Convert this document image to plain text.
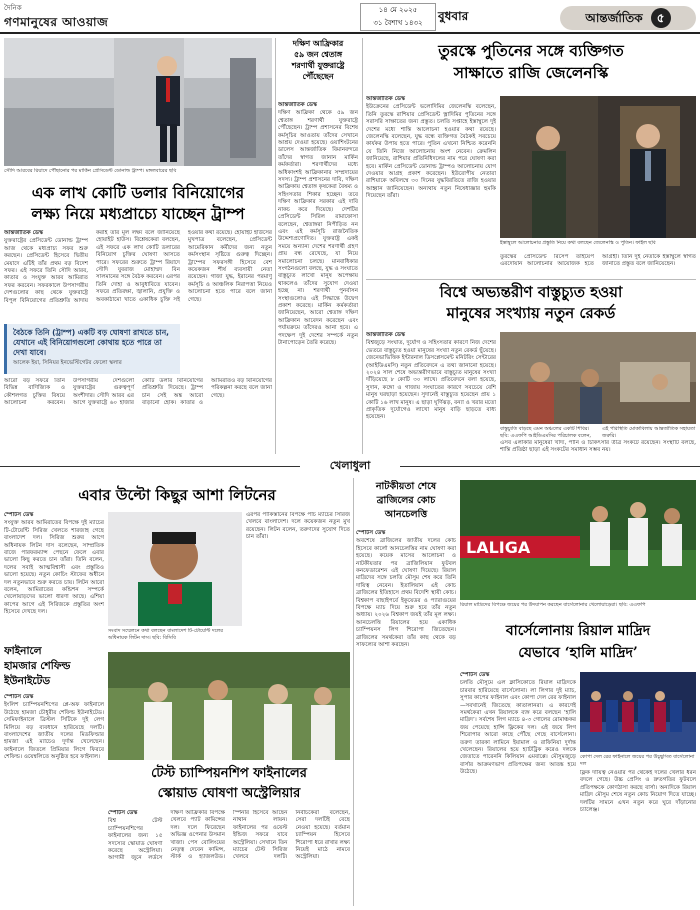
দৈনিক
গণমানুষের আওয়াজ
১৪ মে ২০২৫
৩১ বৈশাখ ১৪৩২	বুধবার	আন্তর্জাতিক ৫
সৌদি আরবের রিয়াদে পৌঁছানোর পর মার্কিন প্রেসিডেন্ট ডোনাল্ড ট্রাম্প। মঙ্গলবারের ছবি
এক লাখ কোটি ডলার বিনিয়োগের
লক্ষ্য নিয়ে মধ্যপ্রাচ্যে যাচ্ছেন ট্রাম্প
আন্তর্জাতিক ডেস্ক
যুক্তরাষ্ট্রের প্রেসিডেন্ট ডোনাল্ড ট্রাম্প আজ থেকে মধ্যপ্রাচ্য সফর শুরু করছেন। প্রেসিডেন্ট হিসেবে দ্বিতীয় মেয়াদে এটিই তাঁর প্রথম বড় বিদেশ সফর। এই সফরে তিনি সৌদি আরব, কাতার ও সংযুক্ত আরব আমিরাত সফর করবেন। সফরকালে উপসাগরীয় দেশগুলোর কাছ থেকে যুক্তরাষ্ট্রে বিপুল বিনিয়োগের প্রতিশ্রুতি আদায় করাই তাঁর মূল লক্ষ্য বলে জানিয়েছে হোয়াইট হাউস। বিশ্লেষকেরা বলছেন, এই সফরে এক লাখ কোটি ডলারের বিনিয়োগ চুক্তির ঘোষণা আসতে পারে। সফরের শুরুতে ট্রাম্প রিয়াদে সৌদি যুবরাজ মোহাম্মদ বিন সালমানের সঙ্গে বৈঠক করবেন। এরপর তিনি দোহা ও আবুধাবিতে যাবেন। সফরে প্রতিরক্ষা, জ্বালানি, প্রযুক্তি ও অবকাঠামো খাতে একাধিক চুক্তি সই হওয়ার কথা রয়েছে। হোয়াইট হাউসের মুখপাত্র বলেছেন, প্রেসিডেন্ট আমেরিকান কর্মীদের জন্য নতুন কর্মসংস্থান সৃষ্টিতে গুরুত্ব দিচ্ছেন। ট্রাম্পের সফরসঙ্গী হিসেবে বেশ কয়েকজন শীর্ষ ব্যবসায়ী নেতা রয়েছেন। গাজা যুদ্ধ, ইরানের পরমাণু কর্মসূচি ও আঞ্চলিক নিরাপত্তা নিয়েও আলোচনা হতে পারে বলে জানা গেছে।
বৈঠকে তিনি (ট্রাম্প) একটি বড় ঘোষণা রাখতে চান, যেখানে এই বিনিয়োগগুলো কোথায় হতে পারে তা দেখা যাবে।
আলেক ইয়া, সিনিয়র ইনভেস্টিগেটর ফেলো স্কলার
আরো বড় সফরে তিনি বিভিন্ন বাণিজ্যিক ও কৌশলগত চুক্তির বিষয়ে আলোচনা করবেন। উপসাগরীয় দেশগুলো যুক্তরাষ্ট্রের গুরুত্বপূর্ণ অংশীদার। সৌদি আরব এর আগে যুক্তরাষ্ট্রে ৬০ হাজার কোটি ডলার বিনিয়োগের প্রতিশ্রুতি দিয়েছে। ট্রাম্প চান সেই অঙ্ক আরো বাড়ানো হোক। কাতার ও আমিরাতও বড় বিনিয়োগের পরিকল্পনা করছে বলে জানা গেছে।
দক্ষিণ আফ্রিকার
৫৯ জন শ্বেতাঙ্গ
শরণার্থী যুক্তরাষ্ট্রে
পৌঁছেছেন
আন্তর্জাতিক ডেস্ক
দক্ষিণ আফ্রিকা থেকে ৫৯ জন শ্বেতাঙ্গ শরণার্থী যুক্তরাষ্ট্রে পৌঁছেছেন। ট্রাম্প প্রশাসনের বিশেষ কর্মসূচির আওতায় তাঁদের সেখানে আশ্রয় দেওয়া হয়েছে। ওয়াশিংটনের ডালেস আন্তর্জাতিক বিমানবন্দরে তাঁদের স্বাগত জানান মার্কিন কর্মকর্তারা। শরণার্থীদের মধ্যে অধিকাংশই আফ্রিকানার সম্প্রদায়ের সদস্য। ট্রাম্প প্রশাসনের দাবি, দক্ষিণ আফ্রিকায় শ্বেতাঙ্গ কৃষকেরা বৈষম্য ও সহিংসতার শিকার হচ্ছেন। তবে দক্ষিণ আফ্রিকার সরকার এই দাবি নাকচ করে দিয়েছে। দেশটির প্রেসিডেন্ট সিরিল রামাফোসা বলেছেন, শ্বেতাঙ্গরা নিপীড়িত নন এবং এই কর্মসূচি রাজনৈতিক উদ্দেশ্যপ্রণোদিত। যুক্তরাষ্ট্র একই সময়ে অন্যান্য দেশের শরণার্থী গ্রহণ প্রায় বন্ধ রেখেছে, যা নিয়ে সমালোচনা চলছে। মানবাধিকার সংগঠনগুলো বলছে, যুদ্ধ ও সংঘাতে বাস্তুচ্যুত লাখো মানুষ অপেক্ষায় থাকলেও তাঁদের সুযোগ দেওয়া হচ্ছে না। শরণার্থী পুনর্বাসন সংস্থাগুলোও এই সিদ্ধান্তে উদ্বেগ প্রকাশ করেছে। মার্কিন কর্মকর্তারা জানিয়েছেন, আরো শ্বেতাঙ্গ দক্ষিণ আফ্রিকান আবেদন করেছেন এবং পর্যায়ক্রমে তাঁদেরও আনা হবে। এ পদক্ষেপ দুই দেশের সম্পর্কে নতুন টানাপোড়েন তৈরি করেছে।
তুরস্কে পুতিনের সঙ্গে ব্যক্তিগত
সাক্ষাতে রাজি জেলেনস্কি
আন্তর্জাতিক ডেস্ক
ইউক্রেনের প্রেসিডেন্ট ভলোদিমির জেলেনস্কি বলেছেন, তিনি তুরস্কে রাশিয়ার প্রেসিডেন্ট ভ্লাদিমির পুতিনের সঙ্গে সরাসরি সাক্ষাতের জন্য প্রস্তুত। চলতি সপ্তাহে ইস্তাম্বুলে দুই দেশের মধ্যে শান্তি আলোচনা হওয়ার কথা রয়েছে। জেলেনস্কি বলেছেন, যুদ্ধ বন্ধে ব্যক্তিগত বৈঠকই সবচেয়ে কার্যকর উপায় হতে পারে। পুতিন এখনো নিশ্চিত করেননি যে তিনি নিজে আলোচনায় অংশ নেবেন। ক্রেমলিন জানিয়েছে, রাশিয়ার প্রতিনিধিদলের নাম পরে ঘোষণা করা হবে। মার্কিন প্রেসিডেন্ট ডোনাল্ড ট্রাম্পও আলোচনায় যোগ দেওয়ার আগ্রহ প্রকাশ করেছেন। ইউরোপীয় নেতারা রাশিয়াকে অবিলম্বে ৩০ দিনের যুদ্ধবিরতিতে রাজি হওয়ার আহ্বান জানিয়েছেন। অন্যথায় নতুন নিষেধাজ্ঞার হুমকি দিয়েছেন তাঁরা।
ইস্তাম্বুলে আলোচনার প্রস্তুতি নিয়ে কথা বলছেন জেলেনস্কি ও পুতিন। ফাইল ছবি
তুরস্কের প্রেসিডেন্ট রিসেপ তাইয়েপ এরদোয়ান আলোচনার আয়োজক হতে আগ্রহী। তিনি দুই নেতাকে ইস্তাম্বুলে স্বাগত জানাতে প্রস্তুত বলে জানিয়েছেন।
বিশ্বে অভ্যন্তরীণ বাস্তুচ্যুত হওয়া
মানুষের সংখ্যায় নতুন রেকর্ড
আন্তর্জাতিক ডেস্ক
বিশ্বজুড়ে সংঘাত, দুর্যোগ ও সহিংসতার কারণে নিজ দেশের ভেতরে বাস্তুচ্যুত হওয়া মানুষের সংখ্যা নতুন রেকর্ড ছুঁয়েছে। জেনেভাভিত্তিক ইন্টারনাল ডিসপ্লেসমেন্ট মনিটরিং সেন্টারের (আইডিএমসি) নতুন প্রতিবেদনে এ তথ্য জানানো হয়েছে। ২০২৪ সাল শেষে অভ্যন্তরীণভাবে বাস্তুচ্যুত মানুষের সংখ্যা দাঁড়িয়েছে ৮ কোটি ৩০ লাখে। প্রতিবেদনে বলা হয়েছে, সুদান, কঙ্গো ও গাজায় সংঘাতের কারণে সবচেয়ে বেশি মানুষ ঘরছাড়া হয়েছেন। সুদানেই বাস্তুচ্যুত হয়েছেন প্রায় ১ কোটি ১৬ লাখ মানুষ। এ ছাড়া ঘূর্ণিঝড়, বন্যা ও খরার মতো প্রাকৃতিক দুর্যোগেও লাখো মানুষ বাড়ি ছাড়তে বাধ্য হয়েছেন।
বাস্তুচ্যুতি বাড়ছে এমন অঞ্চলের একটি শিবির। ছবি: এএফপি আইডিএমসির পরিচালক বলেন, এই পরিস্থিতি মোকাবিলায় আন্তর্জাতিক সহায়তা জরুরি।
এসব এলাকার মানুষেরা খাদ্য, পানি ও চিকিৎসার তীব্র সংকটে রয়েছেন। সংস্থাটি বলছে, শান্তি প্রতিষ্ঠা ছাড়া এই সংকটের সমাধান সম্ভব নয়।
খেলাধুলা
এবার উল্টো কিছুর আশা লিটনের
স্পোর্টস ডেস্ক
সংযুক্ত আরব আমিরাতের বিপক্ষে দুই ম্যাচের টি-টোয়েন্টি সিরিজ খেলতে শারজাহ গেছে বাংলাদেশ দল। সিরিজ শুরুর আগে অধিনায়ক লিটন দাস বলেছেন, সাম্প্রতিক বাজে পারফরম্যান্স পেছনে ফেলে এবার ভালো কিছু করতে চান তাঁরা। তিনি বলেন, দলের সবাই আত্মবিশ্বাসী এবং প্রস্তুতিও ভালো হয়েছে। নতুন কোচিং স্টাফের অধীনে দল নতুনভাবে শুরু করতে চায়। লিটন আরো বলেন, আমিরাতের কন্ডিশন সম্পর্কে খেলোয়াড়দের ভালো ধারণা আছে। এশিয়া কাপের আগে এই সিরিজকে প্রস্তুতির অংশ হিসেবে দেখছে দল।
সংবাদ সম্মেলনে কথা বলছেন বাংলাদেশ টি-টোয়েন্টি দলের অধিনায়ক লিটন দাস। ছবি: বিসিবি
এরপর পাকিস্তানের বিপক্ষে পাঁচ ম্যাচের সিরিজ খেলবে বাংলাদেশ। দলে কয়েকজন নতুন মুখ রয়েছেন। লিটন বলেন, তরুণদের সুযোগ দিতে চান তাঁরা।
ফাইনালে
হামজার শেফিল্ড
ইউনাইটেড
স্পোর্টস ডেস্ক
ইংলিশ চ্যাম্পিয়নশিপের প্লে-অফ ফাইনালে উঠেছে হামজা চৌধুরীর শেফিল্ড ইউনাইটেড। সেমিফাইনালে ব্রিস্টল সিটিকে দুই লেগ মিলিয়ে বড় ব্যবধানে হারিয়েছে দলটি। বাংলাদেশের জাতীয় দলের মিডফিল্ডার হামজা এই ম্যাচেও দুর্দান্ত খেলেছেন। ফাইনালে জিতলে প্রিমিয়ার লিগে ফিরবে শেফিল্ড। ওয়েম্বলিতে অনুষ্ঠিত হবে ফাইনাল।
টেস্ট চ্যাম্পিয়নশিপ ফাইনালের
স্কোয়াড ঘোষণা অস্ট্রেলিয়ার
স্পোর্টস ডেস্ক
বিশ্ব টেস্ট চ্যাম্পিয়নশিপের ফাইনালের জন্য ১৫ সদস্যের স্কোয়াড ঘোষণা করেছে অস্ট্রেলিয়া। আগামী জুনে লর্ডসে দক্ষিণ আফ্রিকার বিপক্ষে খেলবে প্যাট কামিন্সের দল। দলে ফিরেছেন অভিজ্ঞ ওপেনার উসমান খাজা। পেস বোলিংয়ের নেতৃত্ব দেবেন কামিন্স, স্টার্ক ও হ্যাজলউড। স্পিনার হিসেবে আছেন নাথান লায়ন। ফাইনালের পর ওয়েস্ট ইন্ডিজ সফরে যাবে অস্ট্রেলিয়া। সেখানে তিন ম্যাচের টেস্ট সিরিজ খেলবে দলটি। নির্বাচকেরা বলেছেন, সেরা দলটিই বেছে নেওয়া হয়েছে। বর্তমান চ্যাম্পিয়ন হিসেবে শিরোপা ধরে রাখার লক্ষ্য নিয়েই মাঠে নামবে অস্ট্রেলিয়া।
নাটকীয়তা শেষে
ব্রাজিলের কোচ
আনচেলত্তি
স্পোর্টস ডেস্ক
অবশেষে ব্রাজিলের জাতীয় দলের কোচ হিসেবে কার্লো আনচেলত্তির নাম ঘোষণা করা হয়েছে। কয়েক মাসের আলোচনা ও নাটকীয়তার পর ব্রাজিলিয়ান ফুটবল কনফেডারেশন এই ঘোষণা দিয়েছে। রিয়াল মাদ্রিদের সঙ্গে চলতি মৌসুম শেষ করে তিনি দায়িত্ব নেবেন। ইতালিয়ান এই কোচ ব্রাজিলের ইতিহাসে প্রথম বিদেশি স্থায়ী কোচ। বিশ্বকাপ বাছাইপর্বে ইকুয়েডর ও প্যারাগুয়ের বিপক্ষে ম্যাচ দিয়ে শুরু হবে তাঁর নতুন অধ্যায়। ২০২৬ বিশ্বকাপ জয়ই তাঁর মূল লক্ষ্য। আনচেলত্তি রিয়ালের হয়ে একাধিক চ্যাম্পিয়নস লিগ শিরোপা জিতেছেন। ব্রাজিলের সমর্থকেরা তাঁর কাছ থেকে বড় সাফল্যের আশা করছেন।
LALIGA
রিয়াল মাদ্রিদের বিপক্ষে জয়ের পর উদযাপন করছেন বার্সেলোনার খেলোয়াড়েরা। ছবি: এএফপি
বার্সেলোনায় রিয়াল মাদ্রিদ
যেভাবে ‘হালি মাদ্রিদ’
স্পোর্টস ডেস্ক
চলতি মৌসুমে এল ক্লাসিকোতে রিয়াল মাদ্রিদকে চারবার হারিয়েছে বার্সেলোনা। লা লিগার দুই ম্যাচ, সুপার কাপের ফাইনাল এবং কোপা দেল রের ফাইনাল—সবখানেই জিতেছে কাতালানরা। এ কারণেই সমর্থকেরা এখন রিয়ালকে ব্যঙ্গ করে বলছেন ‘হালি মাদ্রিদ’। সর্বশেষ লিগ ম্যাচে ৪-৩ গোলের রোমাঞ্চকর জয় পেয়েছে হান্সি ফ্লিকের দল। এই জয়ে লিগ শিরোপার আরো কাছে পৌঁছে গেছে বার্সেলোনা। তরুণ তারকা লামিনে ইয়ামাল ও রাফিনিয়া দুর্দান্ত খেলেছেন। রিয়ালের হয়ে হ্যাটট্রিক করেও দলকে জেতাতে পারেননি কিলিয়ান এমবাপ্পে। মৌসুমজুড়ে বার্সার আক্রমণভাগ প্রতিপক্ষের জন্য আতঙ্ক হয়ে উঠেছে।
কোপা দেল রের ফাইনালে জয়ের পর উচ্ছ্বসিত বার্সেলোনা দল
ফ্লিক দায়িত্ব নেওয়ার পর থেকেই দলের খেলার ধরন বদলে গেছে। উচ্চ প্রেসিং ও দ্রুতগতির ফুটবলে প্রতিপক্ষকে কোণঠাসা করছে বার্সা। অন্যদিকে রিয়াল মাদ্রিদ মৌসুম শেষে নতুন কোচ নিয়োগ দিতে যাচ্ছে। দলটির সামনে এখন নতুন করে ঘুরে দাঁড়ানোর চ্যালেঞ্জ।
